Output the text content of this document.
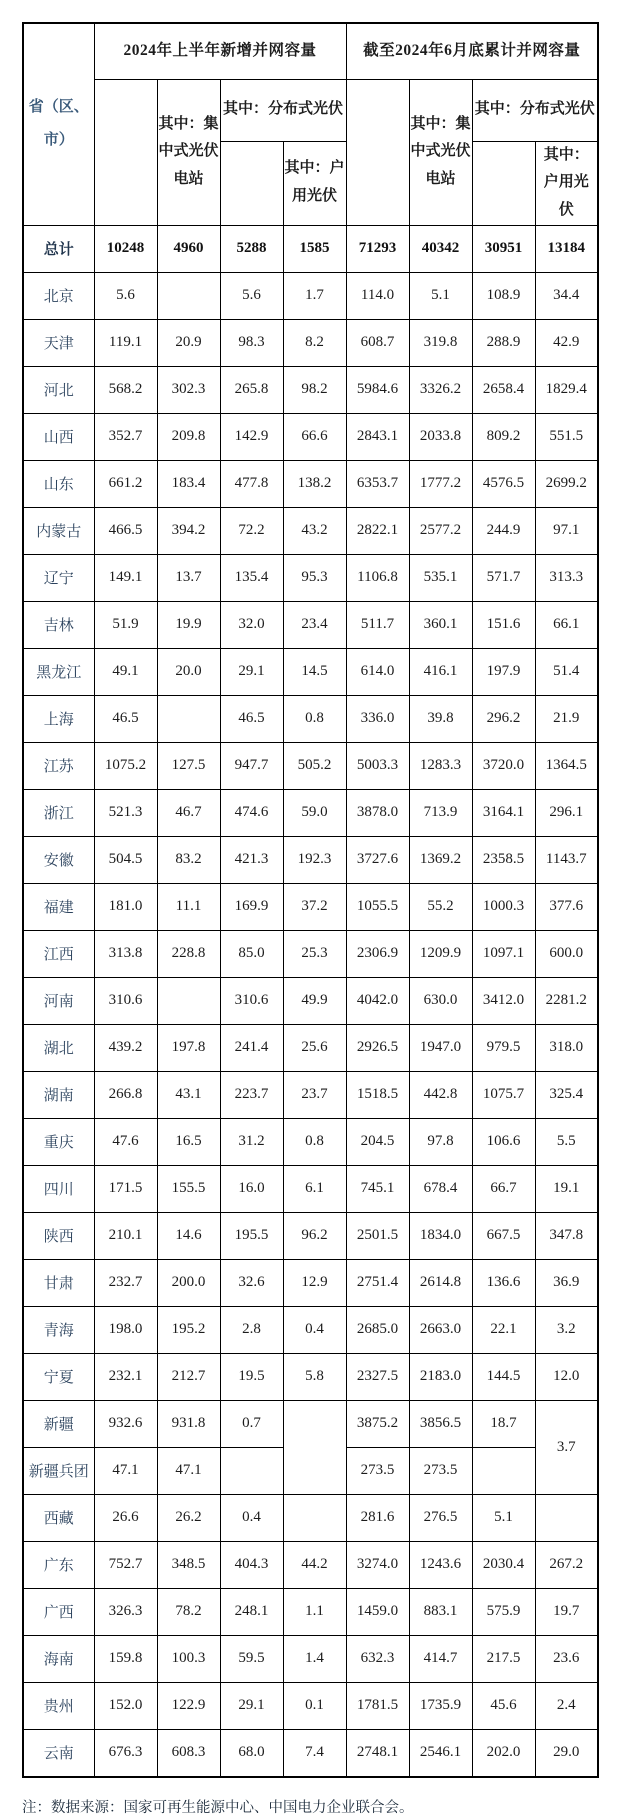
省（区、市）	2024年上半年新增并网容量				截至2024年6月底累计并网容量			
		其中：集中式光伏电站	其中：分布式光伏			其中：集中式光伏电站	其中：分布式光伏	
				其中：户用光伏				其中：户用光伏
总计	10248	4960	5288	1585	71293	40342	30951	13184
北京	5.6		5.6	1.7	114.0	5.1	108.9	34.4
天津	119.1	20.9	98.3	8.2	608.7	319.8	288.9	42.9
河北	568.2	302.3	265.8	98.2	5984.6	3326.2	2658.4	1829.4
山西	352.7	209.8	142.9	66.6	2843.1	2033.8	809.2	551.5
山东	661.2	183.4	477.8	138.2	6353.7	1777.2	4576.5	2699.2
内蒙古	466.5	394.2	72.2	43.2	2822.1	2577.2	244.9	97.1
辽宁	149.1	13.7	135.4	95.3	1106.8	535.1	571.7	313.3
吉林	51.9	19.9	32.0	23.4	511.7	360.1	151.6	66.1
黑龙江	49.1	20.0	29.1	14.5	614.0	416.1	197.9	51.4
上海	46.5		46.5	0.8	336.0	39.8	296.2	21.9
江苏	1075.2	127.5	947.7	505.2	5003.3	1283.3	3720.0	1364.5
浙江	521.3	46.7	474.6	59.0	3878.0	713.9	3164.1	296.1
安徽	504.5	83.2	421.3	192.3	3727.6	1369.2	2358.5	1143.7
福建	181.0	11.1	169.9	37.2	1055.5	55.2	1000.3	377.6
江西	313.8	228.8	85.0	25.3	2306.9	1209.9	1097.1	600.0
河南	310.6		310.6	49.9	4042.0	630.0	3412.0	2281.2
湖北	439.2	197.8	241.4	25.6	2926.5	1947.0	979.5	318.0
湖南	266.8	43.1	223.7	23.7	1518.5	442.8	1075.7	325.4
重庆	47.6	16.5	31.2	0.8	204.5	97.8	106.6	5.5
四川	171.5	155.5	16.0	6.1	745.1	678.4	66.7	19.1
陕西	210.1	14.6	195.5	96.2	2501.5	1834.0	667.5	347.8
甘肃	232.7	200.0	32.6	12.9	2751.4	2614.8	136.6	36.9
青海	198.0	195.2	2.8	0.4	2685.0	2663.0	22.1	3.2
宁夏	232.1	212.7	19.5	5.8	2327.5	2183.0	144.5	12.0
新疆	932.6	931.8	0.7		3875.2	3856.5	18.7	3.7
新疆兵团	47.1	47.1			273.5	273.5		
西藏	26.6	26.2	0.4		281.6	276.5	5.1	
广东	752.7	348.5	404.3	44.2	3274.0	1243.6	2030.4	267.2
广西	326.3	78.2	248.1	1.1	1459.0	883.1	575.9	19.7
海南	159.8	100.3	59.5	1.4	632.3	414.7	217.5	23.6
贵州	152.0	122.9	29.1	0.1	1781.5	1735.9	45.6	2.4
云南	676.3	608.3	68.0	7.4	2748.1	2546.1	202.0	29.0

注：数据来源：国家可再生能源中心、中国电力企业联合会。
